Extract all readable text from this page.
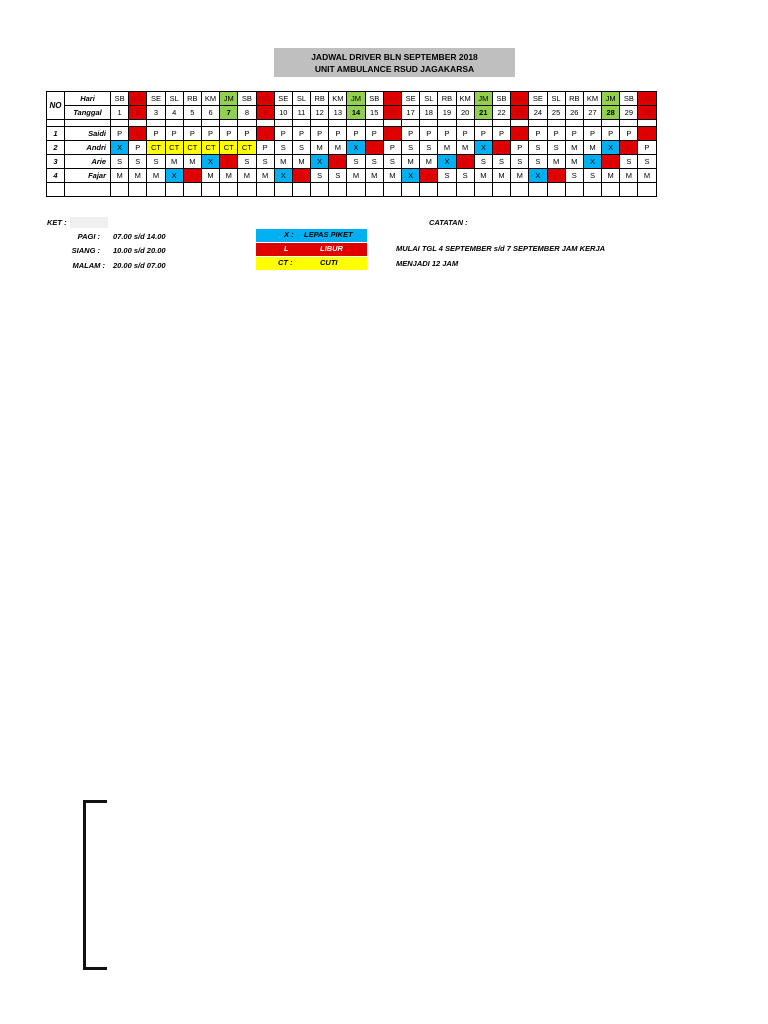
JADWAL DRIVER BLN SEPTEMBER 2018
UNIT AMBULANCE RSUD JAGAKARSA
NO	Hari	SB	MG	SE	SL	RB	KM	JM	SB	MG	SE	SL	RB	KM	JM	SB	MG	SE	SL	RB	KM	JM	SB	MG	SE	SL	RB	KM	JM	SB	MG
	Tanggal	1	2	3	4	5	6	7	8	9	10	11	12	13	14	15	16	17	18	19	20	21	22	23	24	25	26	27	28	29	30

1	Saidi	P	L	P	P	P	P	P	P	L	P	P	P	P	P	P	L	P	P	P	P	P	P	L	P	P	P	P	P	P	L
2	Andri	X	P	CT	CT	CT	CT	CT	CT	P	S	S	M	M	X	L	P	S	S	M	M	X	L	P	S	S	M	M	X	L	P
3	Arie	S	S	S	M	M	X	L	S	S	M	M	X	L	S	S	S	M	M	X	L	S	S	S	S	M	M	X	L	S	S
4	Fajar	M	M	M	X	L	M	M	M	M	X	L	S	S	M	M	M	X	L	S	S	M	M	M	X	L	S	S	M	M	M

KET :
PAGI : 07.00 s/d 14.00
SIANG : 10.00 s/d 20.00
MALAM : 20.00 s/d 07.00
X : LEPAS PIKET
L	LIBUR
CT :	CUTI
CATATAN :
MULAI TGL 4 SEPTEMBER s/d 7 SEPTEMBER JAM KERJA
MENJADI 12 JAM
